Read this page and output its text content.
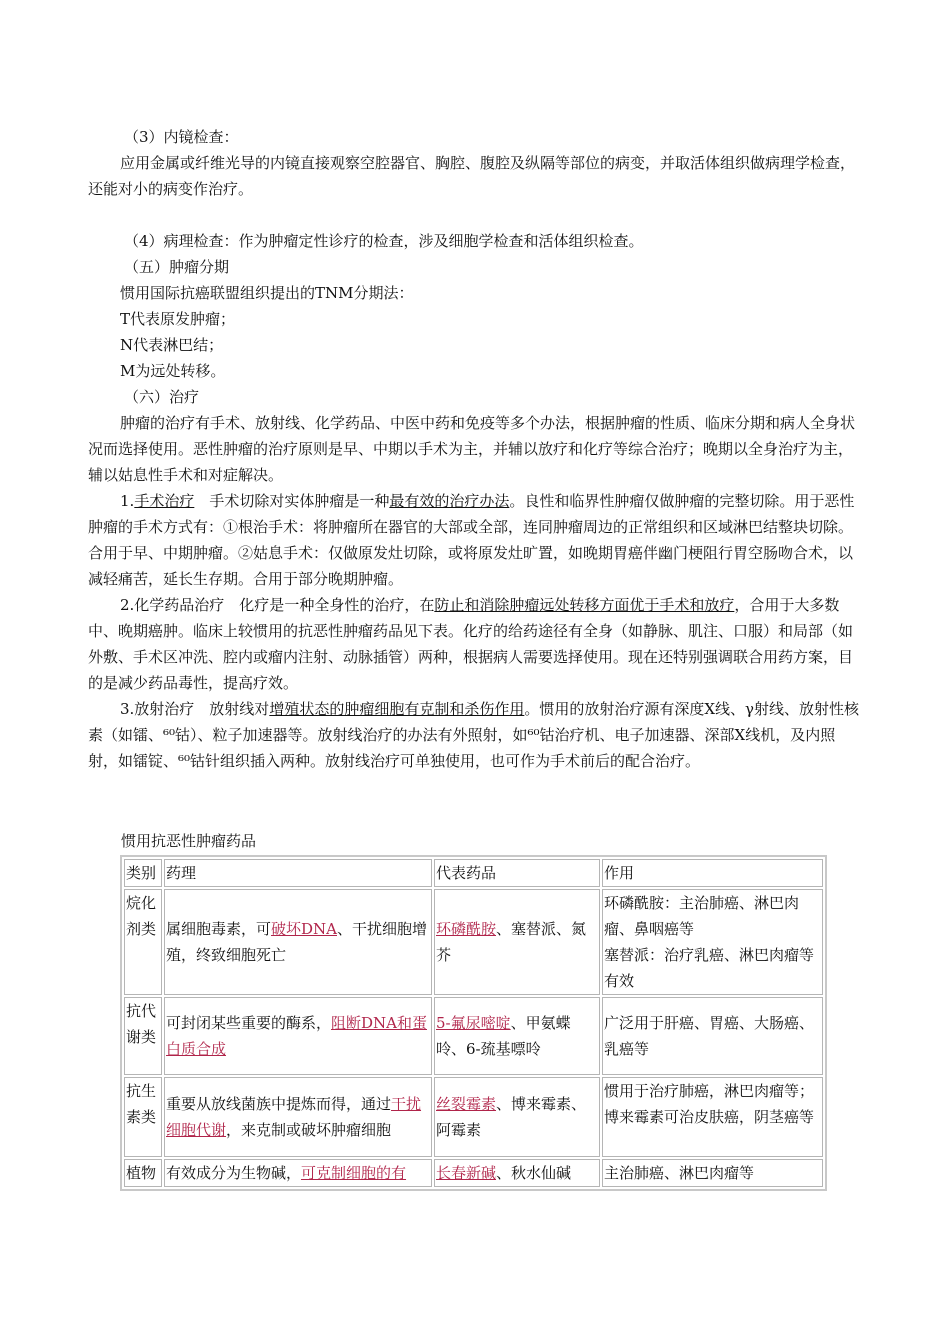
（3）内镜检查：

应用金属或纤维光导的内镜直接观察空腔器官、胸腔、腹腔及纵隔等部位的病变，并取活体组织做病理学检查，还能对小的病变作治疗。

（4）病理检查：作为肿瘤定性诊疗的检查，涉及细胞学检查和活体组织检查。

（五）肿瘤分期

惯用国际抗癌联盟组织提出的TNM分期法：

T代表原发肿瘤；

N代表淋巴结；

M为远处转移。

（六）治疗

肿瘤的治疗有手术、放射线、化学药品、中医中药和免疫等多个办法，根据肿瘤的性质、临床分期和病人全身状况而选择使用。恶性肿瘤的治疗原则是早、中期以手术为主，并辅以放疗和化疗等综合治疗；晚期以全身治疗为主，辅以姑息性手术和对症解决。

1.手术治疗　手术切除对实体肿瘤是一种最有效的治疗办法。良性和临界性肿瘤仅做肿瘤的完整切除。用于恶性肿瘤的手术方式有：①根治手术：将肿瘤所在器官的大部或全部，连同肿瘤周边的正常组织和区域淋巴结整块切除。合用于早、中期肿瘤。②姑息手术：仅做原发灶切除，或将原发灶旷置，如晚期胃癌伴幽门梗阻行胃空肠吻合术，以减轻痛苦，延长生存期。合用于部分晚期肿瘤。

2.化学药品治疗　化疗是一种全身性的治疗，在防止和消除肿瘤远处转移方面优于手术和放疗，合用于大多数中、晚期癌肿。临床上较惯用的抗恶性肿瘤药品见下表。化疗的给药途径有全身（如静脉、肌注、口服）和局部（如外敷、手术区冲洗、腔内或瘤内注射、动脉插管）两种，根据病人需要选择使用。现在还特别强调联合用药方案，目的是减少药品毒性，提高疗效。

3.放射治疗　放射线对增殖状态的肿瘤细胞有克制和杀伤作用。惯用的放射治疗源有深度X线、γ射线、放射性核素（如镭、⁶⁰钴）、粒子加速器等。放射线治疗的办法有外照射，如⁶⁰钴治疗机、电子加速器、深部X线机，及内照射，如镭锭、⁶⁰钴针组织插入两种。放射线治疗可单独使用，也可作为手术前后的配合治疗。

惯用抗恶性肿瘤药品
类别	药理	代表药品	作用
烷化剂类	属细胞毒素，可破坏DNA、干扰细胞增殖，终致细胞死亡	环磷酰胺、塞替派、氮芥	环磷酰胺：主治肺癌、淋巴肉瘤、鼻咽癌等
塞替派：治疗乳癌、淋巴肉瘤等有效
抗代谢类	可封闭某些重要的酶系，阻断DNA和蛋白质合成	5-氟尿嘧啶、甲氨蝶呤、6-巯基嘌呤	广泛用于肝癌、胃癌、大肠癌、乳癌等
抗生素类	重要从放线菌族中提炼而得，通过干扰细胞代谢，来克制或破坏肿瘤细胞	丝裂霉素、博来霉素、阿霉素	惯用于治疗肺癌，淋巴肉瘤等；博来霉素可治皮肤癌，阴茎癌等
植物	有效成分为生物碱，可克制细胞的有	长春新碱、秋水仙碱	主治肺癌、淋巴肉瘤等
